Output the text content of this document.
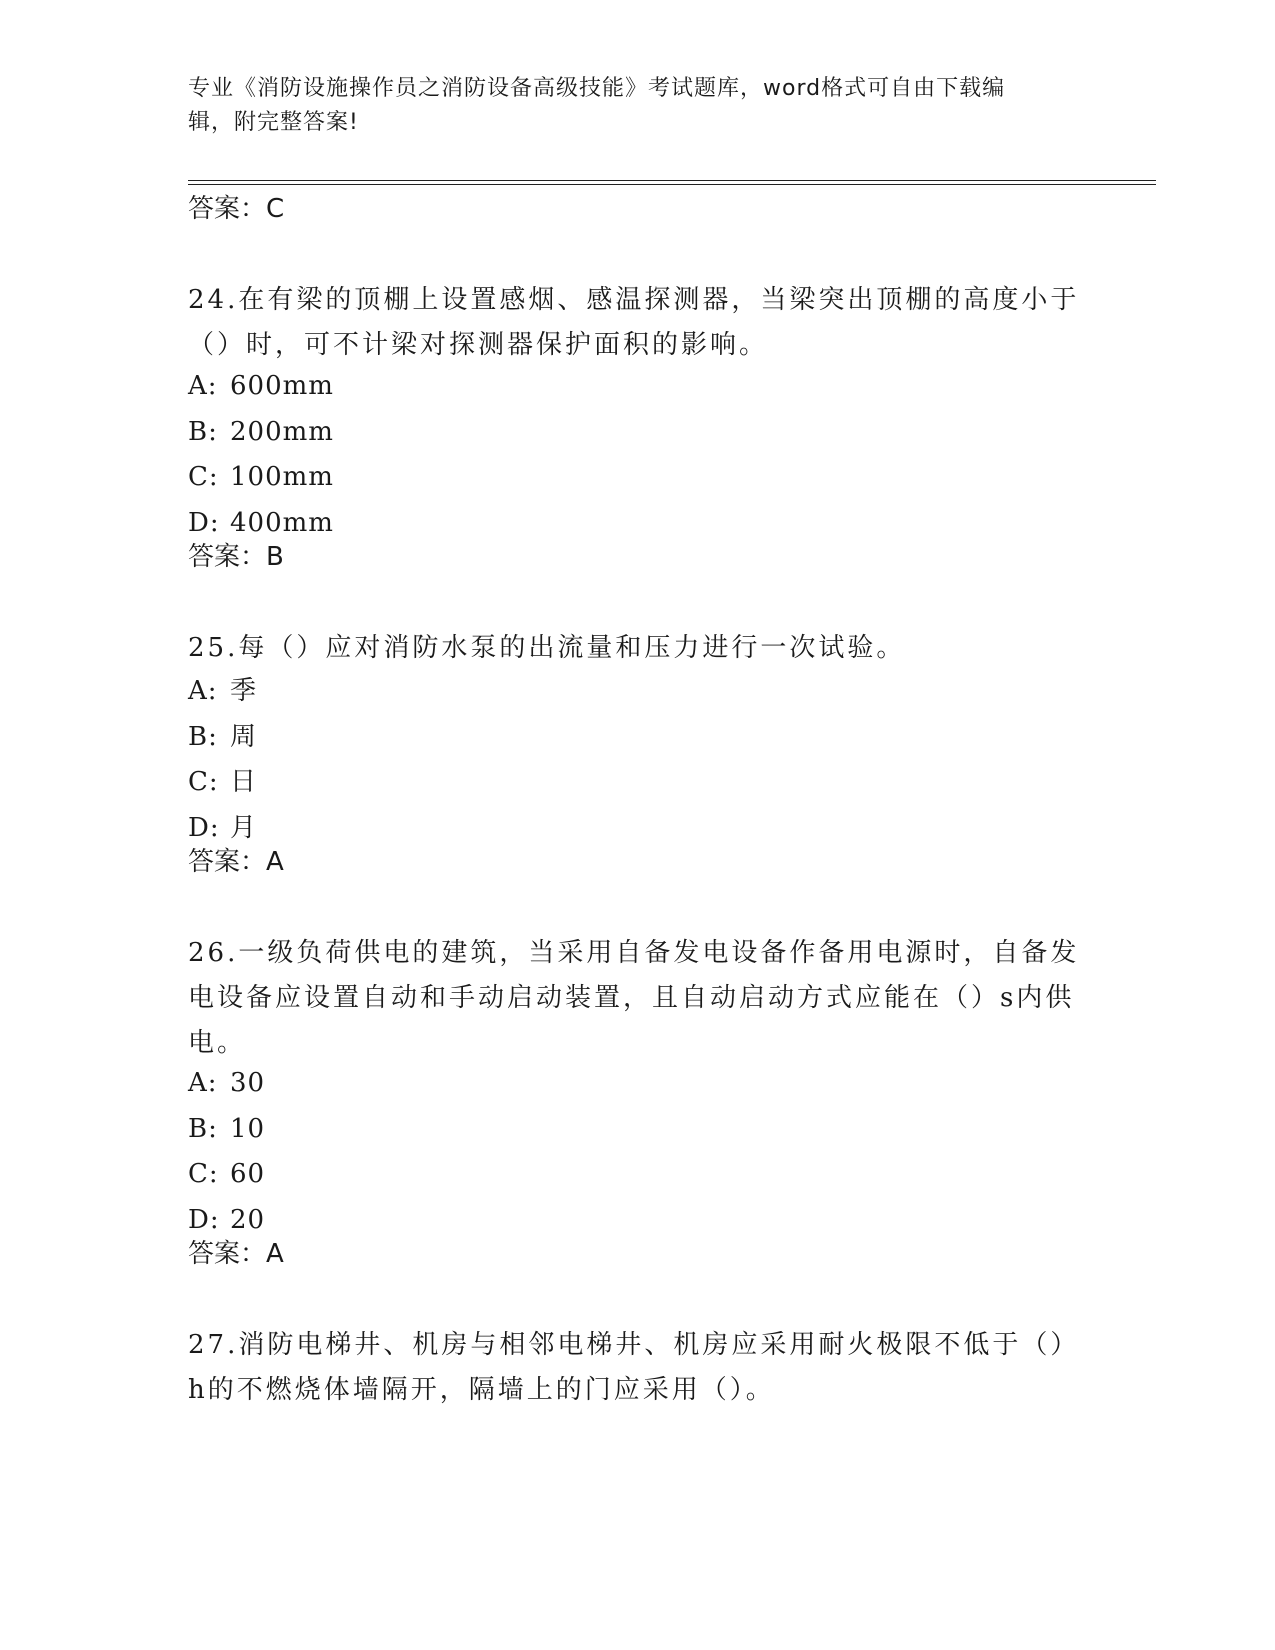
专业《消防设施操作员之消防设备高级技能》考试题库，word格式可自由下载编
辑，附完整答案!
答案：C
24.在有梁的顶棚上设置感烟、感温探测器，当梁突出顶棚的高度小于
（）时，可不计梁对探测器保护面积的影响。
A: 600mm
B: 200mm
C: 100mm
D: 400mm
答案：B
25.每（）应对消防水泵的出流量和压力进行一次试验。
A: 季
B: 周
C: 日
D: 月
答案：A
26.一级负荷供电的建筑，当采用自备发电设备作备用电源时，自备发
电设备应设置自动和手动启动装置，且自动启动方式应能在（）s内供
电。
A: 30
B: 10
C: 60
D: 20
答案：A
27.消防电梯井、机房与相邻电梯井、机房应采用耐火极限不低于（）
h的不燃烧体墙隔开，隔墙上的门应采用（）。
